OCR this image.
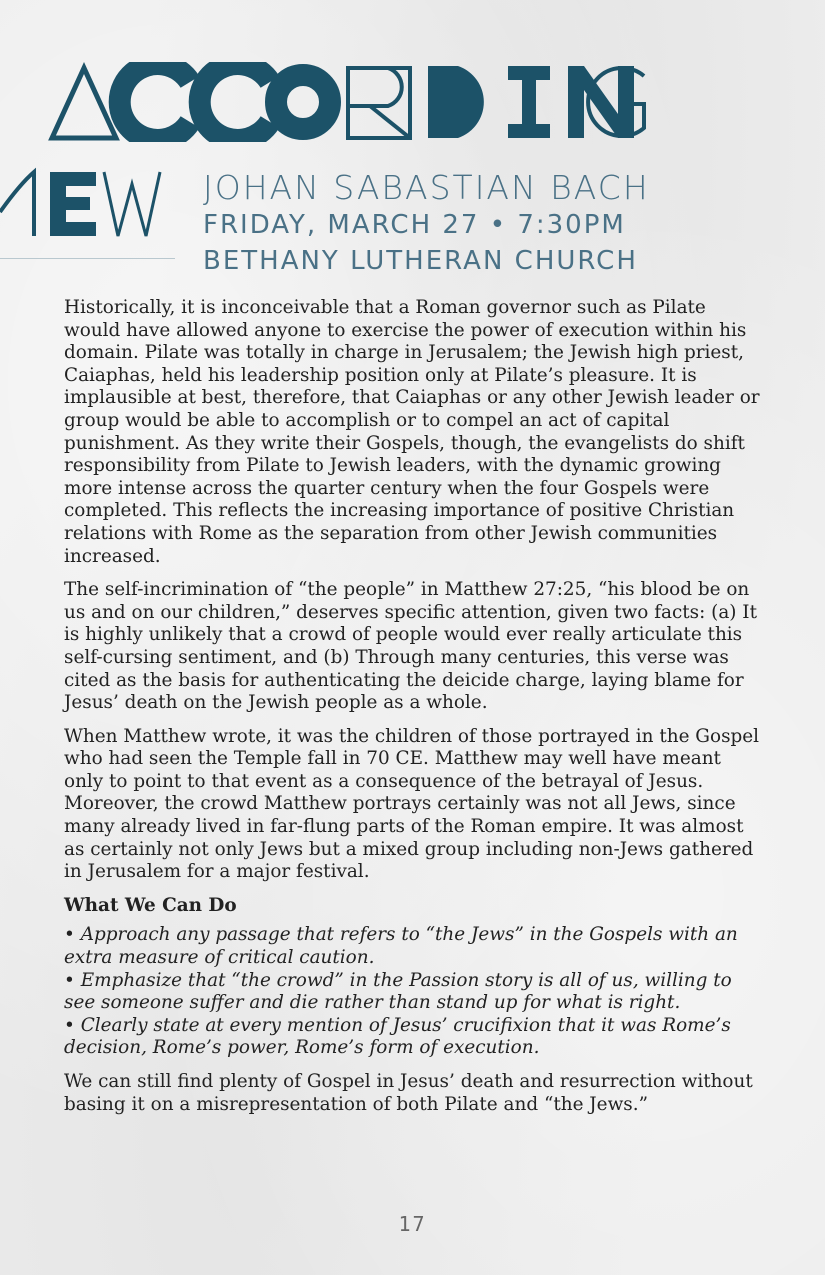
JOHAN SABASTIAN BACH
FRIDAY, MARCH 27 • 7:30PM
BETHANY LUTHERAN CHURCH

Historically, it is inconceivable that a Roman governor such as Pilate would have allowed anyone to exercise the power of execution within his domain. Pilate was totally in charge in Jerusalem; the Jewish high priest, Caiaphas, held his leadership position only at Pilate’s pleasure. It is implausible at best, therefore, that Caiaphas or any other Jewish leader or group would be able to accomplish or to compel an act of capital punishment. As they write their Gospels, though, the evangelists do shift responsibility from Pilate to Jewish leaders, with the dynamic growing more intense across the quarter century when the four Gospels were completed. This reflects the increasing importance of positive Christian relations with Rome as the separation from other Jewish communities increased.

The self-incrimination of “the people” in Matthew 27:25, “his blood be on us and on our children,” deserves specific attention, given two facts: (a) It is highly unlikely that a crowd of people would ever really articulate this self-cursing sentiment, and (b) Through many centuries, this verse was cited as the basis for authenticating the deicide charge, laying blame for Jesus’ death on the Jewish people as a whole.

When Matthew wrote, it was the children of those portrayed in the Gospel who had seen the Temple fall in 70 CE. Matthew may well have meant only to point to that event as a consequence of the betrayal of Jesus. Moreover, the crowd Matthew portrays certainly was not all Jews, since many already lived in far-flung parts of the Roman empire. It was almost as certainly not only Jews but a mixed group including non-Jews gathered in Jerusalem for a major festival.

What We Can Do
• Approach any passage that refers to “the Jews” in the Gospels with an extra measure of critical caution.
• Emphasize that “the crowd” in the Passion story is all of us, willing to see someone suffer and die rather than stand up for what is right.
• Clearly state at every mention of Jesus’ crucifixion that it was Rome’s decision, Rome’s power, Rome’s form of execution.

We can still find plenty of Gospel in Jesus’ death and resurrection without basing it on a misrepresentation of both Pilate and “the Jews.”

17
